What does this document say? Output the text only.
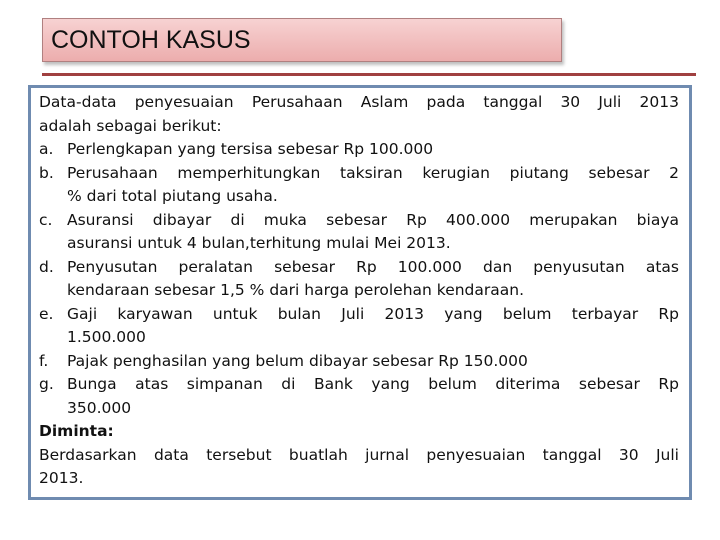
CONTOH KASUS
Data-data penyesuaian Perusahaan Aslam pada tanggal 30 Juli 2013
adalah sebagai berikut:
a. Perlengkapan yang tersisa sebesar Rp 100.000
b. Perusahaan memperhitungkan taksiran kerugian piutang sebesar 2
% dari total piutang usaha.
c. Asuransi dibayar di muka sebesar Rp 400.000 merupakan biaya
asuransi untuk 4 bulan,terhitung mulai Mei 2013.
d. Penyusutan peralatan sebesar Rp 100.000 dan penyusutan atas
kendaraan sebesar 1,5 % dari harga perolehan kendaraan.
e. Gaji karyawan untuk bulan Juli 2013 yang belum terbayar Rp
1.500.000
f. Pajak penghasilan yang belum dibayar sebesar Rp 150.000
g. Bunga atas simpanan di Bank yang belum diterima sebesar Rp
350.000
Diminta:
Berdasarkan data tersebut buatlah jurnal penyesuaian tanggal 30 Juli
2013.
